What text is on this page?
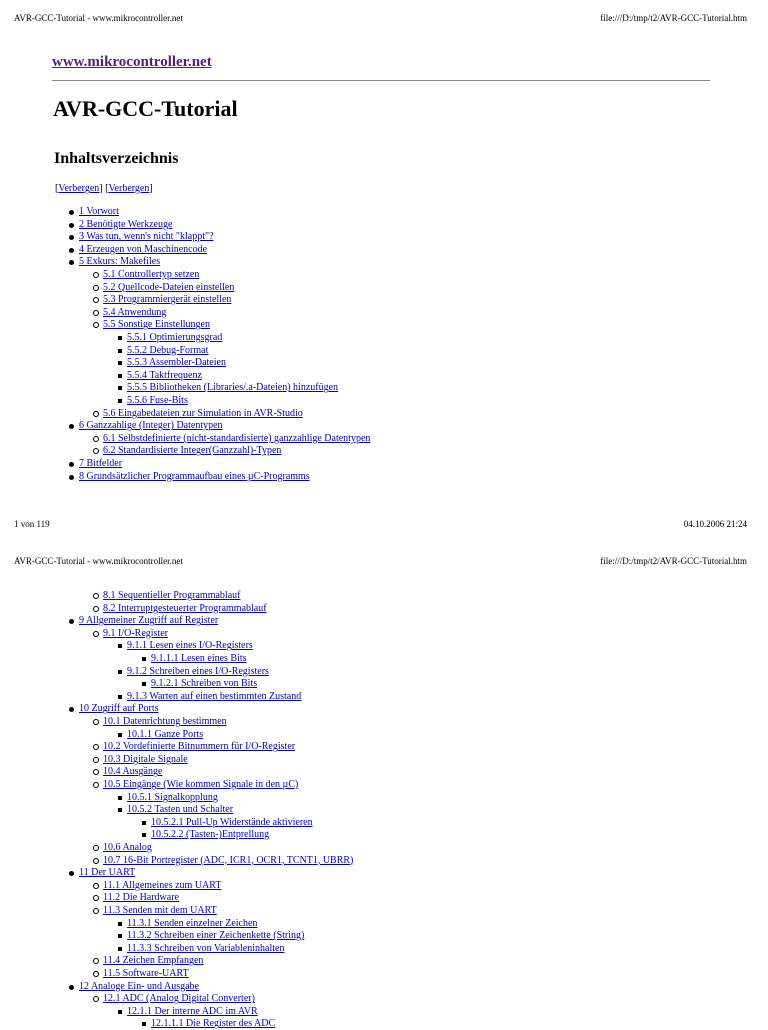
AVR-GCC-Tutorial - www.mikrocontroller.net	file:///D:/tmp/t2/AVR-GCC-Tutorial.htm
www.mikrocontroller.net
AVR-GCC-Tutorial
Inhaltsverzeichnis
[Verbergen] [Verbergen]
1 Vorwort
2 Benötigte Werkzeuge
3 Was tun, wenn's nicht "klappt"?
4 Erzeugen von Maschinencode
5 Exkurs: Makefiles
5.1 Controllertyp setzen
5.2 Quellcode-Dateien einstellen
5.3 Programmiergerät einstellen
5.4 Anwendung
5.5 Sonstige Einstellungen
5.5.1 Optimierungsgrad
5.5.2 Debug-Format
5.5.3 Assembler-Dateien
5.5.4 Taktfrequenz
5.5.5 Bibliotheken (Libraries/.a-Dateien) hinzufügen
5.5.6 Fuse-Bits
5.6 Eingabedateien zur Simulation in AVR-Studio
6 Ganzzahlige (Integer) Datentypen
6.1 Selbstdefinierte (nicht-standardisierte) ganzzahlige Datentypen
6.2 Standardisierte Integer(Ganzzahl)-Typen
7 Bitfelder
8 Grundsätzlicher Programmaufbau eines µC-Programms
1 von 119	04.10.2006 21:24
AVR-GCC-Tutorial - www.mikrocontroller.net	file:///D:/tmp/t2/AVR-GCC-Tutorial.htm
8.1 Sequentieller Programmablauf
8.2 Interruptgesteuerter Programmablauf
9 Allgemeiner Zugriff auf Register
9.1 I/O-Register
9.1.1 Lesen eines I/O-Registers
9.1.1.1 Lesen eines Bits
9.1.2 Schreiben eines I/O-Registers
9.1.2.1 Schreiben von Bits
9.1.3 Warten auf einen bestimmten Zustand
10 Zugriff auf Ports
10.1 Datenrichtung bestimmen
10.1.1 Ganze Ports
10.2 Vordefinierte Bitnummern für I/O-Register
10.3 Digitale Signale
10.4 Ausgänge
10.5 Eingänge (Wie kommen Signale in den µC)
10.5.1 Signalkopplung
10.5.2 Tasten und Schalter
10.5.2.1 Pull-Up Widerstände aktivieren
10.5.2.2 (Tasten-)Entprellung
10.6 Analog
10.7 16-Bit Portregister (ADC, ICR1, OCR1, TCNT1, UBRR)
11 Der UART
11.1 Allgemeines zum UART
11.2 Die Hardware
11.3 Senden mit dem UART
11.3.1 Senden einzelner Zeichen
11.3.2 Schreiben einer Zeichenkette (String)
11.3.3 Schreiben von Variableninhalten
11.4 Zeichen Empfangen
11.5 Software-UART
12 Analoge Ein- und Ausgabe
12.1 ADC (Analog Digital Converter)
12.1.1 Der interne ADC im AVR
12.1.1.1 Die Register des ADC
